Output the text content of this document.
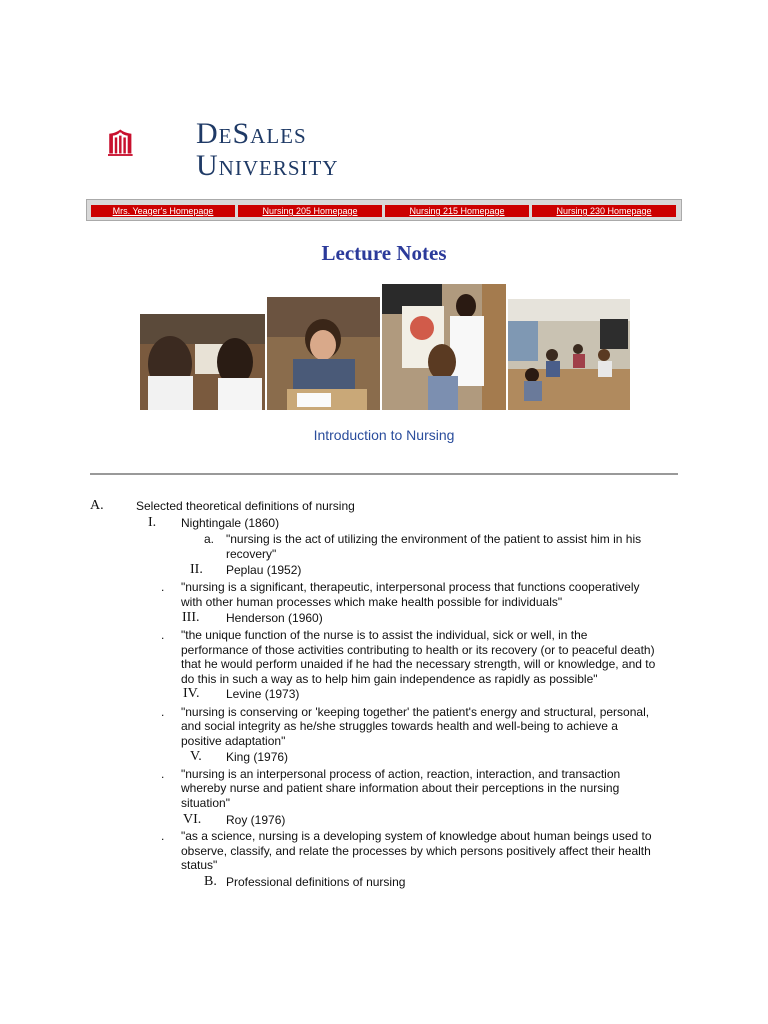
DeSales
University
Mrs. Yeager's Homepage	Nursing 205 Homepage	Nursing 215 Homepage	Nursing 230 Homepage
Lecture Notes
Introduction to Nursing
A.	Selected theoretical definitions of nursing
I. Nightingale (1860)
a. "nursing is the act of utilizing the environment of the patient to assist him in his
recovery"
II. Peplau (1952)
. "nursing is a significant, therapeutic, interpersonal process that functions cooperatively
with other human processes which make health possible for individuals"
III. Henderson (1960)
. "the unique function of the nurse is to assist the individual, sick or well, in the
performance of those activities contributing to health or its recovery (or to peaceful death)
that he would perform unaided if he had the necessary strength, will or knowledge, and to
do this in such a way as to help him gain independence as rapidly as possible"
IV. Levine (1973)
. "nursing is conserving or 'keeping together' the patient's energy and structural, personal,
and social integrity as he/she struggles towards health and well-being to achieve a
positive adaptation"
V. King (1976)
. "nursing is an interpersonal process of action, reaction, interaction, and transaction
whereby nurse and patient share information about their perceptions in the nursing
situation"
VI. Roy (1976)
. "as a science, nursing is a developing system of knowledge about human beings used to
observe, classify, and relate the processes by which persons positively affect their health
status"
B. Professional definitions of nursing
